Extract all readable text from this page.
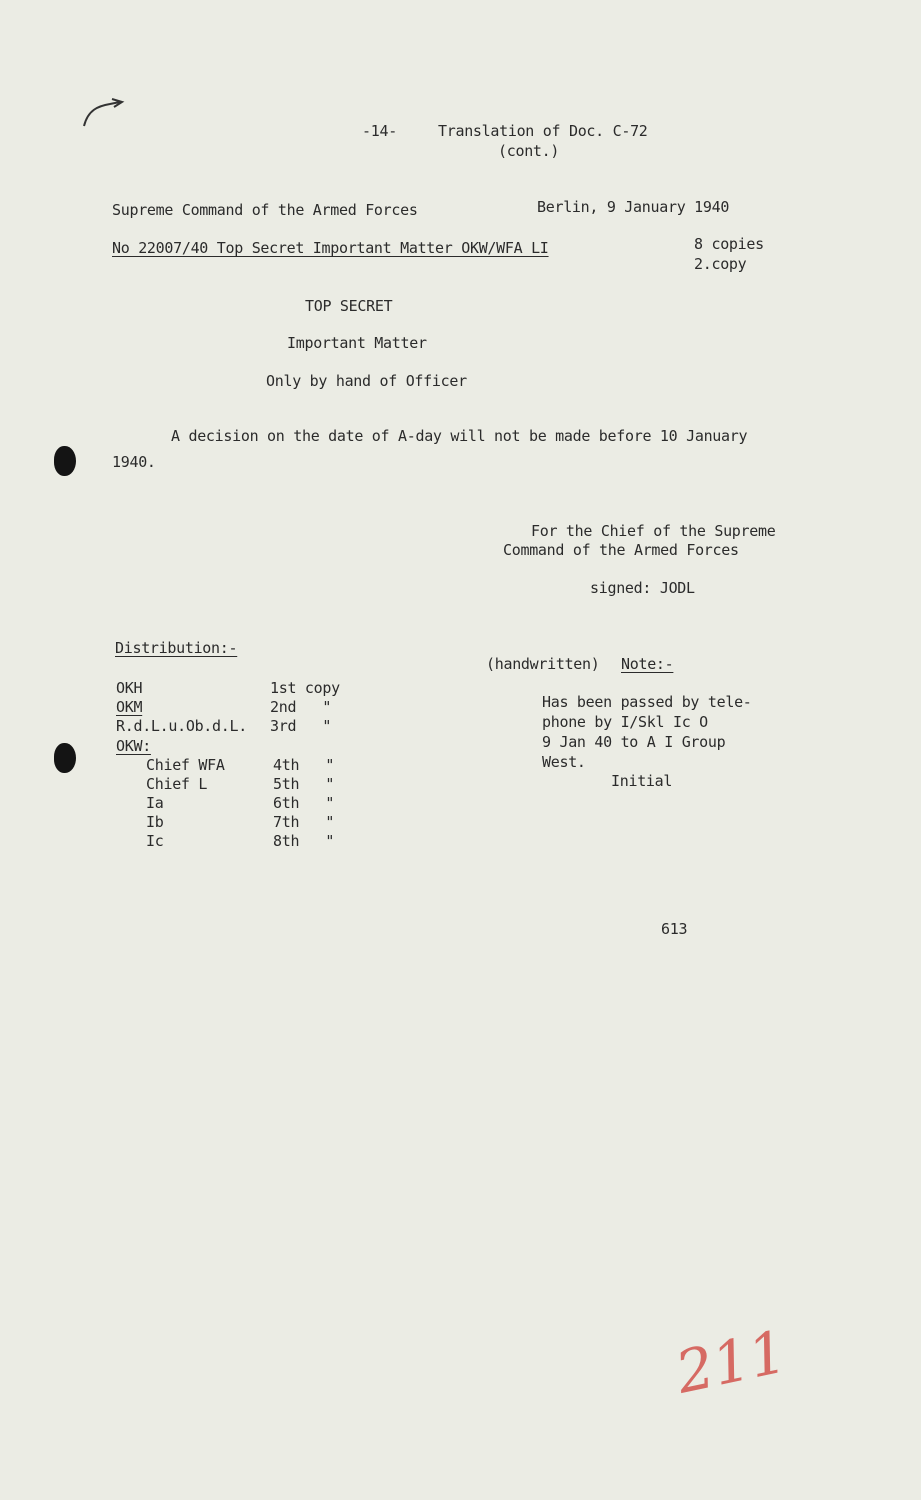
-14-	Translation of Doc. C-72
(cont.)
Supreme Command of the Armed Forces	Berlin, 9 January 1940
No 22007/40 Top Secret Important Matter OKW/WFA LI	8 copies
2.copy
TOP SECRET
Important Matter
Only by hand of Officer
A decision on the date of A-day will not be made before 10 January
1940.
For the Chief of the Supreme
Command of the Armed Forces
signed: JODL
Distribution:-
OKH	1st copy
OKM	2nd   "
R.d.L.u.Ob.d.L. 3rd   "
OKW:
Chief WFA	4th   "
Chief L	5th   "
Ia	6th   "
Ib	7th   "
Ic	8th   "
(handwritten) Note:-
Has been passed by tele-
phone by I/Skl Ic O
9 Jan 40 to A I Group
West.
Initial
613
211
